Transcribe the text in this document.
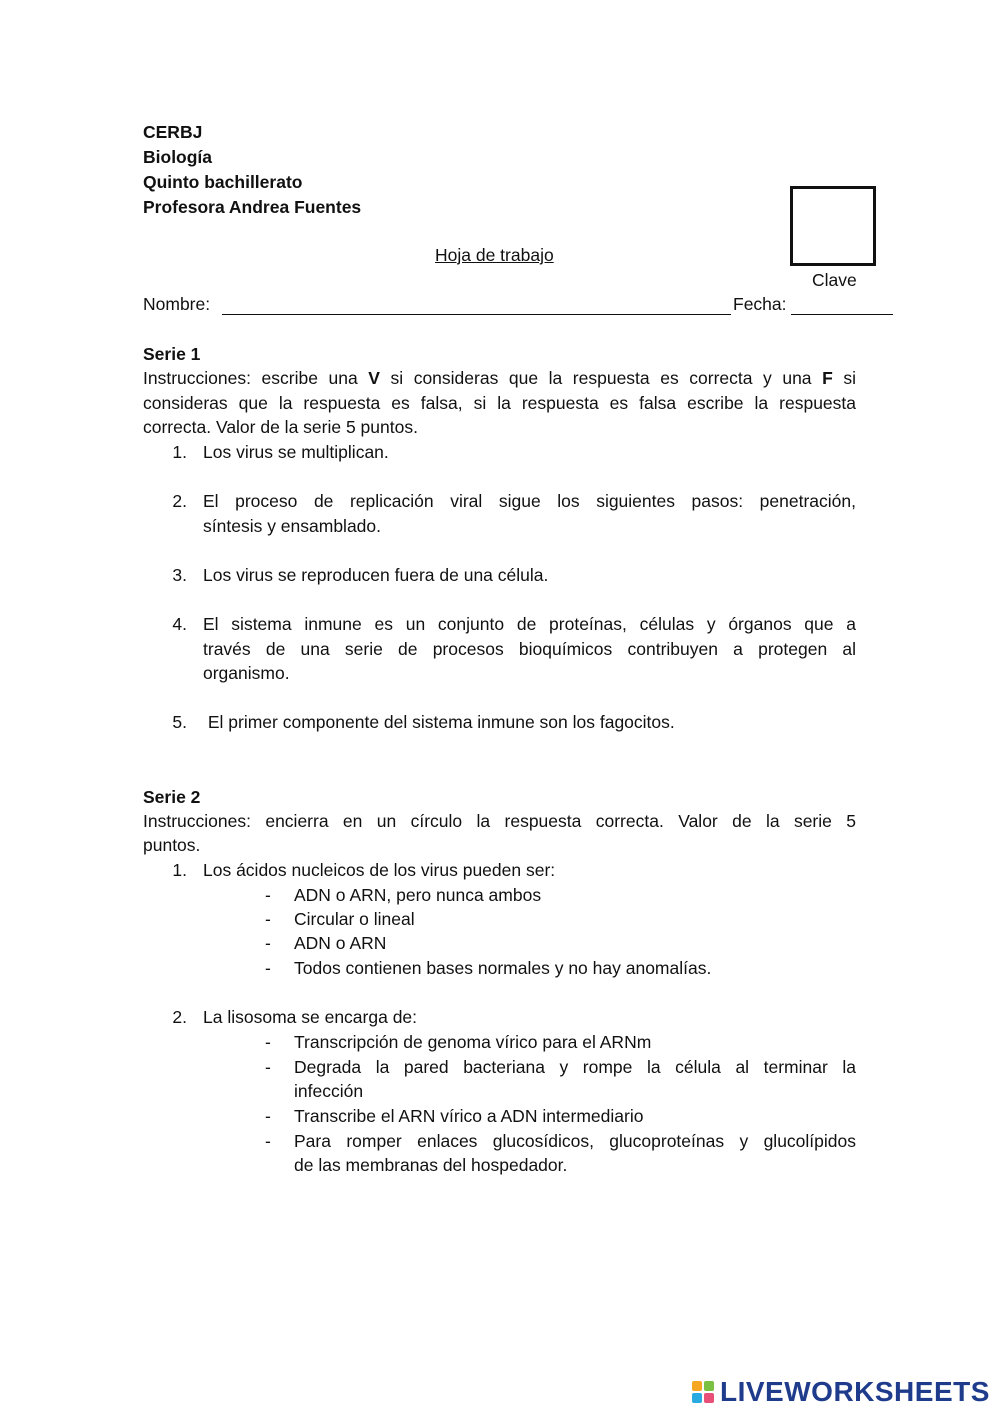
CERBJ
Biología
Quinto bachillerato
Profesora Andrea Fuentes
Clave
Hoja de trabajo
Nombre:	Fecha:
Serie 1
Instrucciones: escribe una V si consideras que la respuesta es correcta y una F si
consideras que la respuesta es falsa, si la respuesta es falsa escribe la respuesta
correcta. Valor de la serie 5 puntos.
1. Los virus se multiplican.
2. El proceso de replicación viral sigue los siguientes pasos: penetración,
síntesis y ensamblado.
3. Los virus se reproducen fuera de una célula.
4. El sistema inmune es un conjunto de proteínas, células y órganos que a
través de una serie de procesos bioquímicos contribuyen a protegen al
organismo.
5. El primer componente del sistema inmune son los fagocitos.
Serie 2
Instrucciones: encierra en un círculo la respuesta correcta. Valor de la serie 5
puntos.
1. Los ácidos nucleicos de los virus pueden ser:
- ADN o ARN, pero nunca ambos
- Circular o lineal
- ADN o ARN
- Todos contienen bases normales y no hay anomalías.
2. La lisosoma se encarga de:
- Transcripción de genoma vírico para el ARNm
- Degrada la pared bacteriana y rompe la célula al terminar la
infección
- Transcribe el ARN vírico a ADN intermediario
- Para romper enlaces glucosídicos, glucoproteínas y glucolípidos
de las membranas del hospedador.
LIVEWORKSHEETS
